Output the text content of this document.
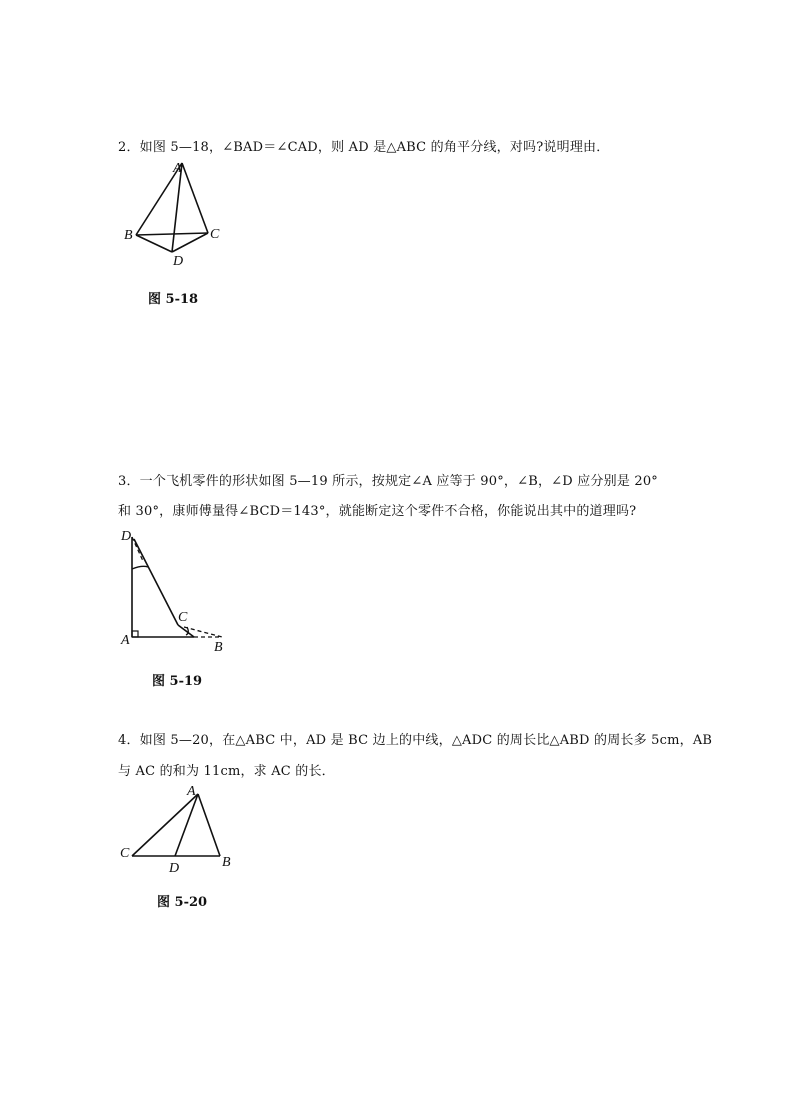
2．如图 5—18，∠BAD＝∠CAD，则 AD 是△ABC 的角平分线，对吗?说明理由．
A
B	C
D
图 5-18
3．一个飞机零件的形状如图 5—19 所示，按规定∠A 应等于 90°，∠B，∠D 应分别是 20°
和 30°，康师傅量得∠BCD＝143°，就能断定这个零件不合格，你能说出其中的道理吗?
D
A
C
B
图 5-19
4．如图 5—20，在△ABC 中，AD 是 BC 边上的中线，△ADC 的周长比△ABD 的周长多 5cm，AB
与 AC 的和为 11cm，求 AC 的长．
A
C
D	B
图 5-20
